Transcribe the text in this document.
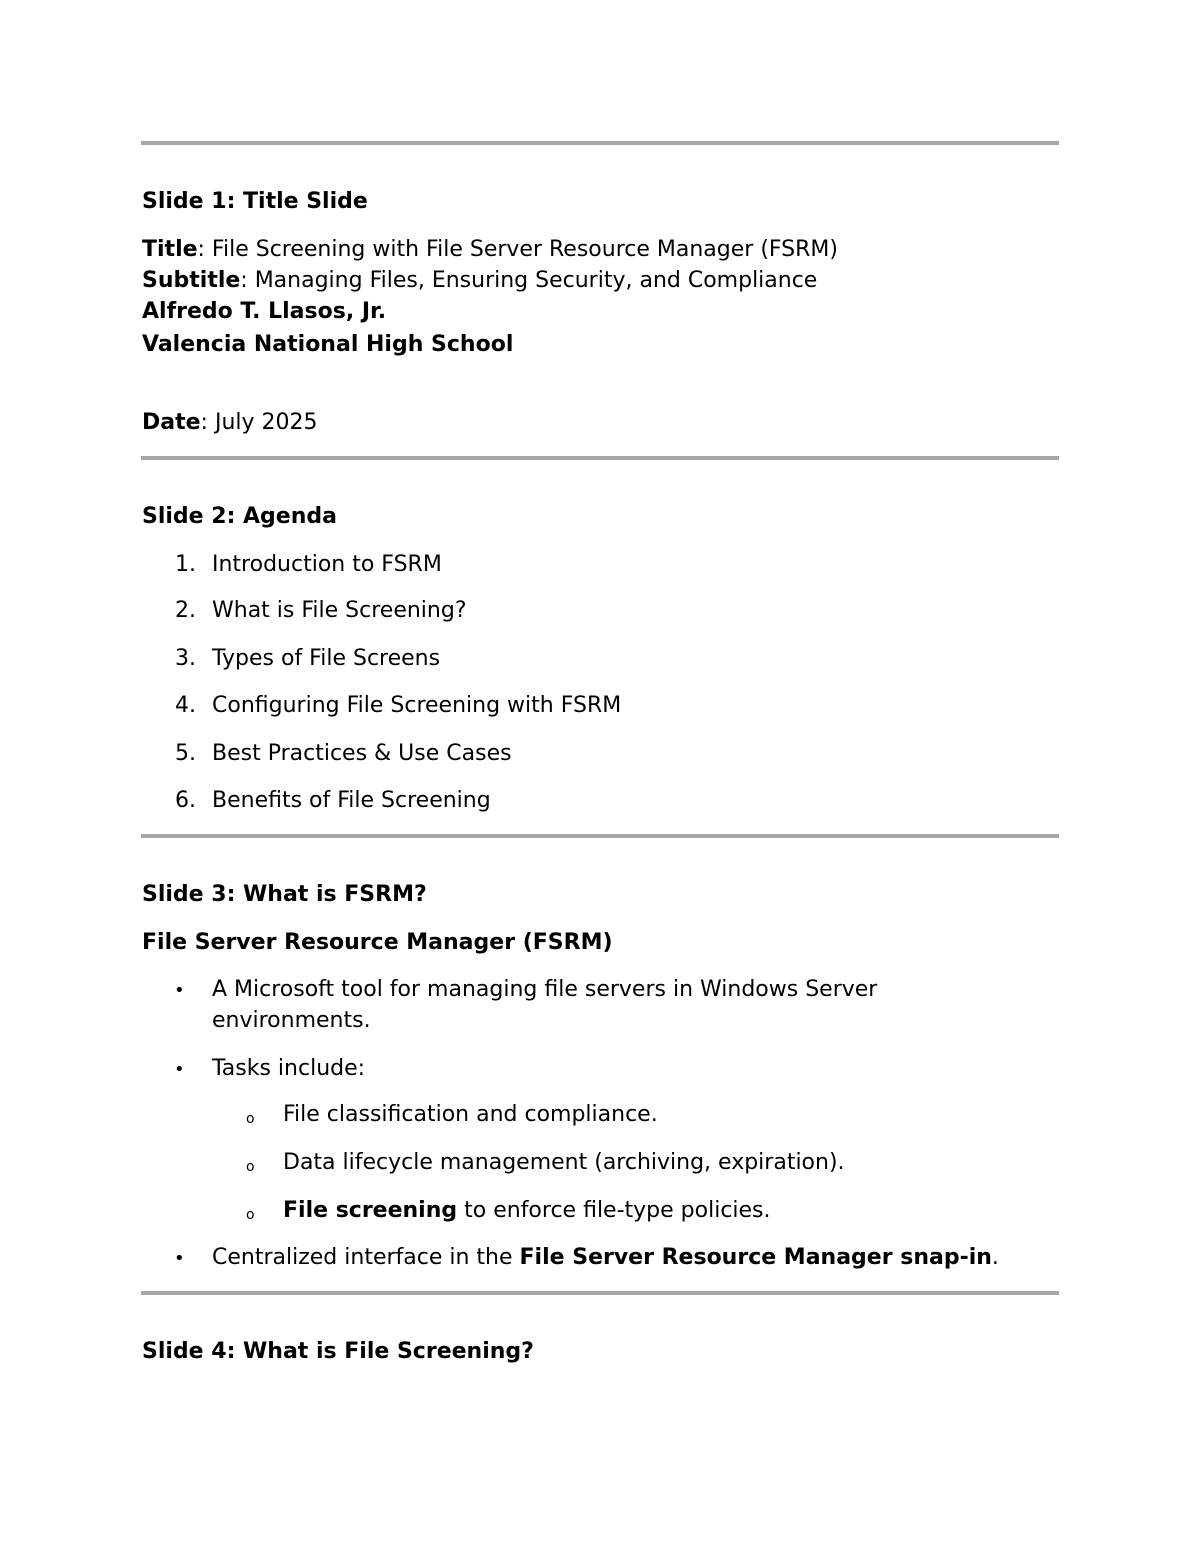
Slide 1: Title Slide
Title: File Screening with File Server Resource Manager (FSRM)
Subtitle: Managing Files, Ensuring Security, and Compliance
Alfredo T. Llasos, Jr.
Valencia National High School
Date: July 2025
Slide 2: Agenda
1. Introduction to FSRM
2. What is File Screening?
3. Types of File Screens
4. Configuring File Screening with FSRM
5. Best Practices & Use Cases
6. Benefits of File Screening
Slide 3: What is FSRM?
File Server Resource Manager (FSRM)
• A Microsoft tool for managing file servers in Windows Server
environments.
• Tasks include:
o File classification and compliance.
o Data lifecycle management (archiving, expiration).
o File screening to enforce file-type policies.
• Centralized interface in the File Server Resource Manager snap-in.
Slide 4: What is File Screening?
